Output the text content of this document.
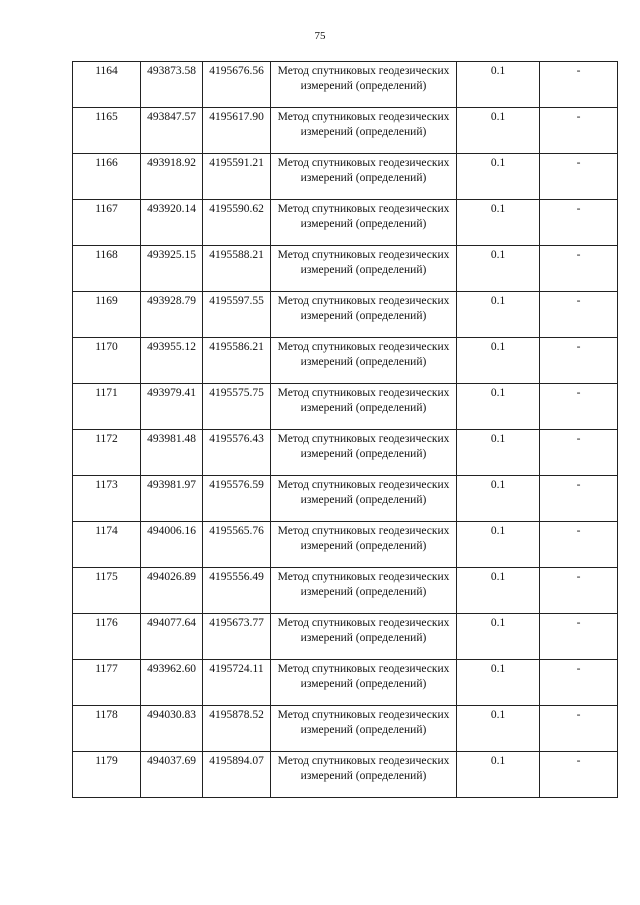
75
1164	493873.58	4195676.56	Метод спутниковых геодезических измерений (определений)	0.1	-
1165	493847.57	4195617.90	Метод спутниковых геодезических измерений (определений)	0.1	-
1166	493918.92	4195591.21	Метод спутниковых геодезических измерений (определений)	0.1	-
1167	493920.14	4195590.62	Метод спутниковых геодезических измерений (определений)	0.1	-
1168	493925.15	4195588.21	Метод спутниковых геодезических измерений (определений)	0.1	-
1169	493928.79	4195597.55	Метод спутниковых геодезических измерений (определений)	0.1	-
1170	493955.12	4195586.21	Метод спутниковых геодезических измерений (определений)	0.1	-
1171	493979.41	4195575.75	Метод спутниковых геодезических измерений (определений)	0.1	-
1172	493981.48	4195576.43	Метод спутниковых геодезических измерений (определений)	0.1	-
1173	493981.97	4195576.59	Метод спутниковых геодезических измерений (определений)	0.1	-
1174	494006.16	4195565.76	Метод спутниковых геодезических измерений (определений)	0.1	-
1175	494026.89	4195556.49	Метод спутниковых геодезических измерений (определений)	0.1	-
1176	494077.64	4195673.77	Метод спутниковых геодезических измерений (определений)	0.1	-
1177	493962.60	4195724.11	Метод спутниковых геодезических измерений (определений)	0.1	-
1178	494030.83	4195878.52	Метод спутниковых геодезических измерений (определений)	0.1	-
1179	494037.69	4195894.07	Метод спутниковых геодезических измерений (определений)	0.1	-
